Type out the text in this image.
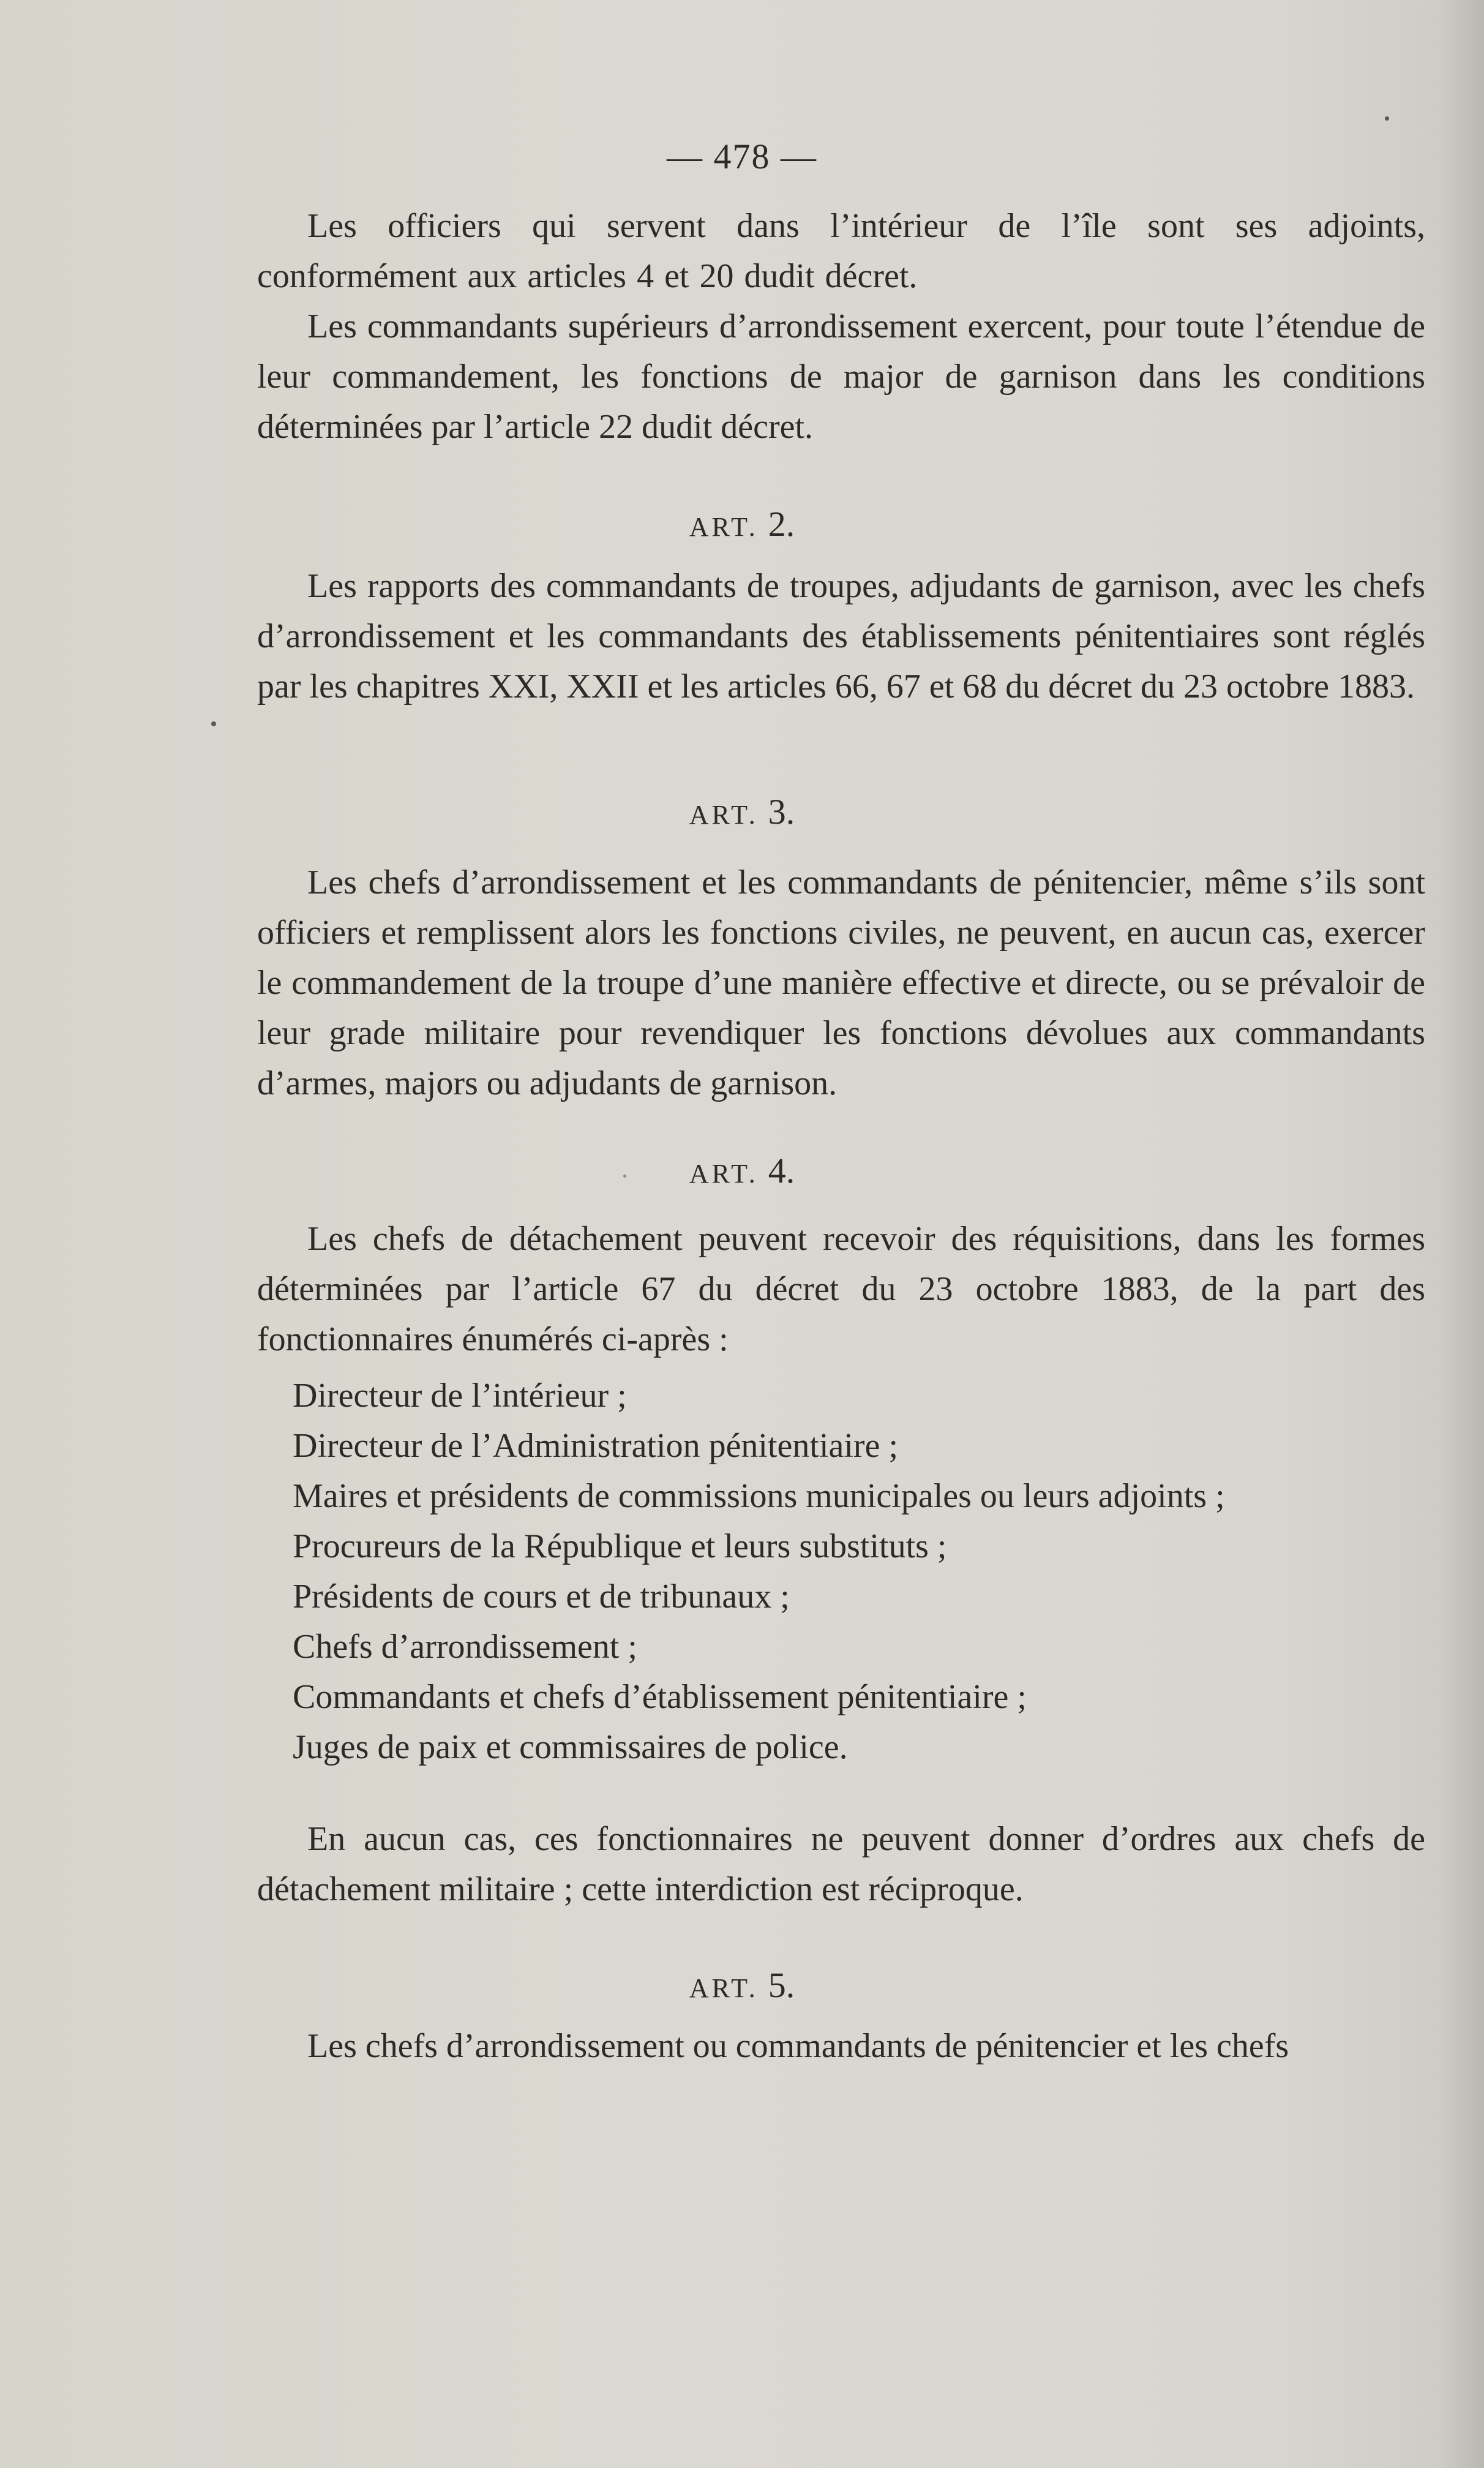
— 478 —

Les officiers qui servent dans l’intérieur de l’île sont ses adjoints, conformément aux articles 4 et 20 dudit décret.

Les commandants supérieurs d’arrondissement exercent, pour toute l’étendue de leur commandement, les fonctions de major de garnison dans les conditions déterminées par l’article 22 dudit décret.

ART. 2.

Les rapports des commandants de troupes, adjudants de garnison, avec les chefs d’arrondissement et les commandants des établissements pénitentiaires sont réglés par les chapitres XXI, XXII et les articles 66, 67 et 68 du décret du 23 octobre 1883.

ART. 3.

Les chefs d’arrondissement et les commandants de pénitencier, même s’ils sont officiers et remplissent alors les fonctions civiles, ne peuvent, en aucun cas, exercer le commandement de la troupe d’une manière effective et directe, ou se prévaloir de leur grade militaire pour revendiquer les fonctions dévolues aux commandants d’armes, majors ou adjudants de garnison.

ART. 4.

Les chefs de détachement peuvent recevoir des réquisitions, dans les formes déterminées par l’article 67 du décret du 23 octobre 1883, de la part des fonctionnaires énumérés ci-après :

Directeur de l’intérieur ;
Directeur de l’Administration pénitentiaire ;
Maires et présidents de commissions municipales ou leurs adjoints ;
Procureurs de la République et leurs substituts ;
Présidents de cours et de tribunaux ;
Chefs d’arrondissement ;
Commandants et chefs d’établissement pénitentiaire ;
Juges de paix et commissaires de police.

En aucun cas, ces fonctionnaires ne peuvent donner d’ordres aux chefs de détachement militaire ; cette interdiction est réciproque.

ART. 5.

Les chefs d’arrondissement ou commandants de pénitencier et les chefs
